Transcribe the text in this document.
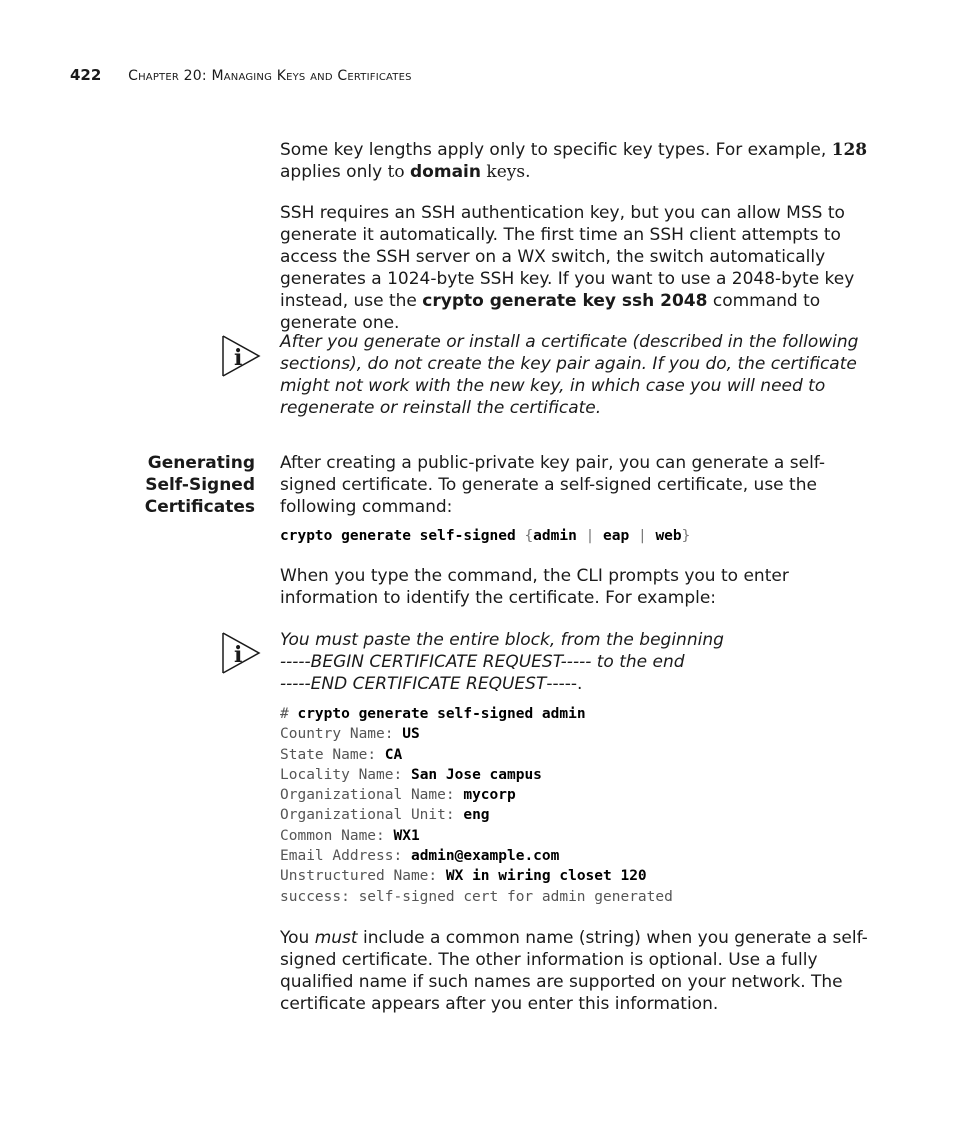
422 Chapter 20: Managing Keys and Certificates

Some key lengths apply only to specific key types. For example, 128
applies only to domain keys.

SSH requires an SSH authentication key, but you can allow MSS to generate it automatically. The first time an SSH client attempts to access the SSH server on a WX switch, the switch automatically generates a 1024-byte SSH key. If you want to use a 2048-byte key instead, use the crypto generate key ssh 2048 command to generate one.

i

After you generate or install a certificate (described in the following sections), do not create the key pair again. If you do, the certificate might not work with the new key, in which case you will need to regenerate or reinstall the certificate.

Generating
Self-Signed
Certificates

After creating a public-private key pair, you can generate a self-signed certificate. To generate a self-signed certificate, use the following command:

crypto generate self-signed {admin | eap | web}

When you type the command, the CLI prompts you to enter information to identify the certificate. For example:

i

You must paste the entire block, from the beginning

-----BEGIN CERTIFICATE REQUEST----- to the end

-----END CERTIFICATE REQUEST-----.

# crypto generate self-signed admin
Country Name: US
State Name: CA
Locality Name: San Jose campus
Organizational Name: mycorp
Organizational Unit: eng
Common Name: WX1
Email Address: admin@example.com
Unstructured Name: WX in wiring closet 120
success: self-signed cert for admin generated

You must include a common name (string) when you generate a self-signed certificate. The other information is optional. Use a fully qualified name if such names are supported on your network. The certificate appears after you enter this information.
